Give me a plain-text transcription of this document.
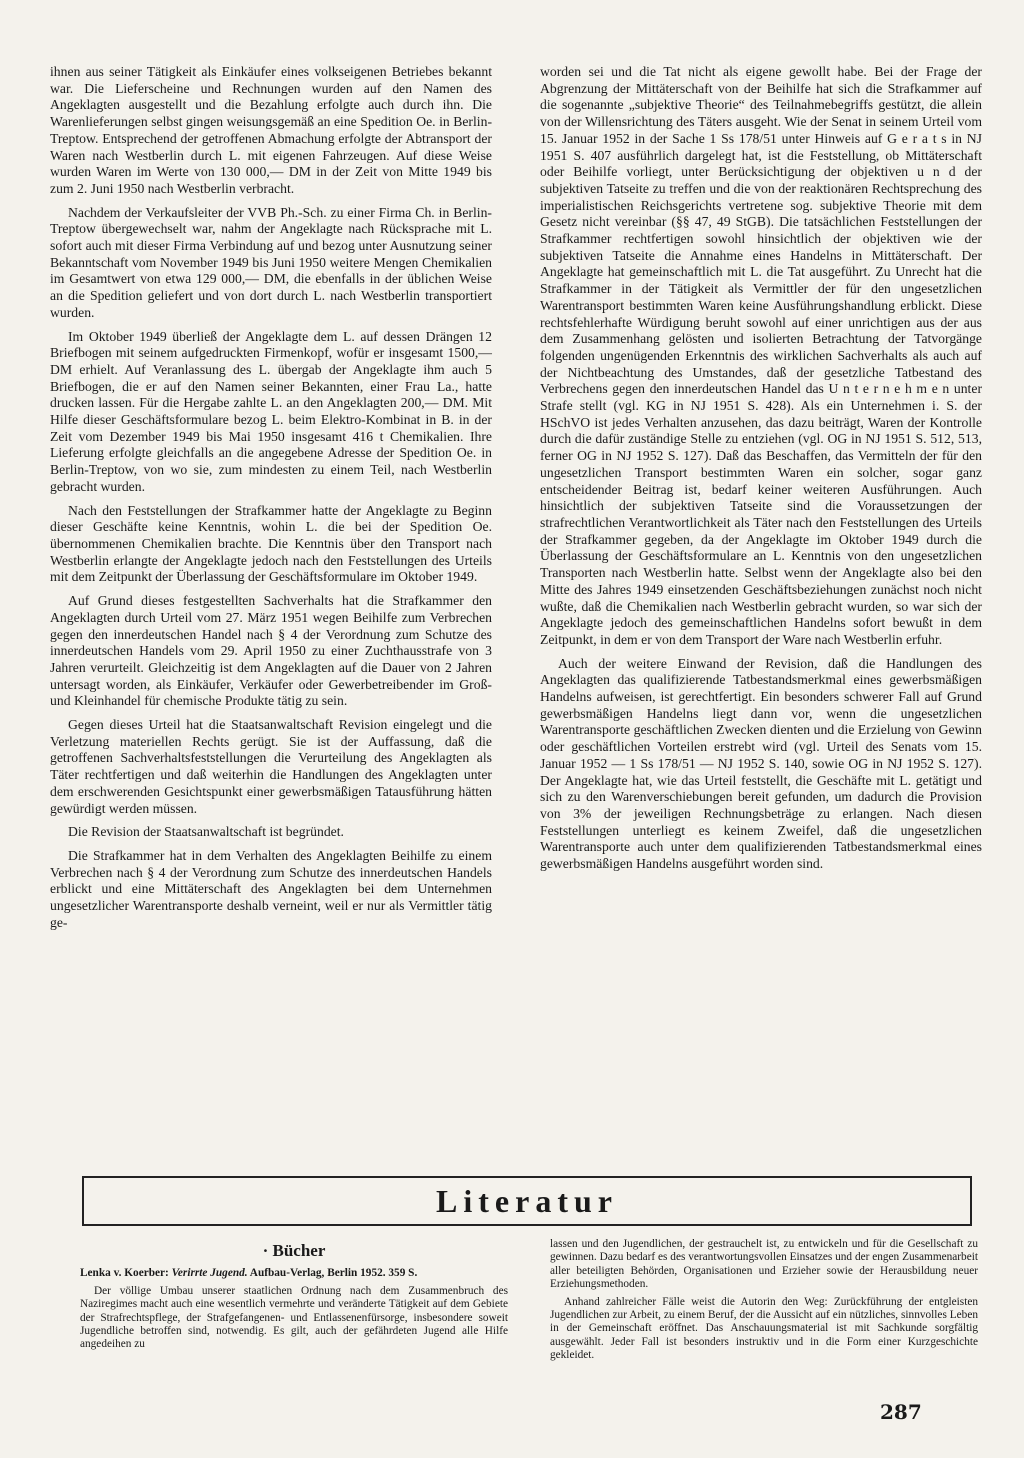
ihnen aus seiner Tätigkeit als Einkäufer eines volkseigenen Betriebes bekannt war. Die Lieferscheine und Rechnungen wurden auf den Namen des Angeklagten ausgestellt und die Bezahlung erfolgte auch durch ihn. Die Warenlieferungen selbst gingen weisungsgemäß an eine Spedition Oe. in Berlin-Treptow. Entsprechend der getroffenen Abmachung erfolgte der Abtransport der Waren nach Westberlin durch L. mit eigenen Fahrzeugen. Auf diese Weise wurden Waren im Werte von 130 000,— DM in der Zeit von Mitte 1949 bis zum 2. Juni 1950 nach Westberlin verbracht.

Nachdem der Verkaufsleiter der VVB Ph.-Sch. zu einer Firma Ch. in Berlin-Treptow übergewechselt war, nahm der Angeklagte nach Rücksprache mit L. sofort auch mit dieser Firma Verbindung auf und bezog unter Ausnutzung seiner Bekanntschaft vom November 1949 bis Juni 1950 weitere Mengen Chemikalien im Gesamtwert von etwa 129 000,— DM, die ebenfalls in der üblichen Weise an die Spedition geliefert und von dort durch L. nach Westberlin transportiert wurden.

Im Oktober 1949 überließ der Angeklagte dem L. auf dessen Drängen 12 Briefbogen mit seinem aufgedruckten Firmenkopf, wofür er insgesamt 1500,— DM erhielt. Auf Veranlassung des L. übergab der Angeklagte ihm auch 5 Briefbogen, die er auf den Namen seiner Bekannten, einer Frau La., hatte drucken lassen. Für die Hergabe zahlte L. an den Angeklagten 200,— DM. Mit Hilfe dieser Geschäftsformulare bezog L. beim Elektro-Kombinat in B. in der Zeit vom Dezember 1949 bis Mai 1950 insgesamt 416 t Chemikalien. Ihre Lieferung erfolgte gleichfalls an die angegebene Adresse der Spedition Oe. in Berlin-Treptow, von wo sie, zum mindesten zu einem Teil, nach Westberlin gebracht wurden.

Nach den Feststellungen der Strafkammer hatte der Angeklagte zu Beginn dieser Geschäfte keine Kenntnis, wohin L. die bei der Spedition Oe. übernommenen Chemikalien brachte. Die Kenntnis über den Transport nach Westberlin erlangte der Angeklagte jedoch nach den Feststellungen des Urteils mit dem Zeitpunkt der Überlassung der Geschäftsformulare im Oktober 1949.

Auf Grund dieses festgestellten Sachverhalts hat die Strafkammer den Angeklagten durch Urteil vom 27. März 1951 wegen Beihilfe zum Verbrechen gegen den innerdeutschen Handel nach § 4 der Verordnung zum Schutze des innerdeutschen Handels vom 29. April 1950 zu einer Zuchthausstrafe von 3 Jahren verurteilt. Gleichzeitig ist dem Angeklagten auf die Dauer von 2 Jahren untersagt worden, als Einkäufer, Verkäufer oder Gewerbetreibender im Groß- und Kleinhandel für chemische Produkte tätig zu sein.

Gegen dieses Urteil hat die Staatsanwaltschaft Revision eingelegt und die Verletzung materiellen Rechts gerügt. Sie ist der Auffassung, daß die getroffenen Sachverhaltsfeststellungen die Verurteilung des Angeklagten als Täter rechtfertigen und daß weiterhin die Handlungen des Angeklagten unter dem erschwerenden Gesichtspunkt einer gewerbsmäßigen Tatausführung hätten gewürdigt werden müssen.

Die Revision der Staatsanwaltschaft ist begründet.

Die Strafkammer hat in dem Verhalten des Angeklagten Beihilfe zu einem Verbrechen nach § 4 der Verordnung zum Schutze des innerdeutschen Handels erblickt und eine Mittäterschaft des Angeklagten bei dem Unternehmen ungesetzlicher Warentransporte deshalb verneint, weil er nur als Vermittler tätig ge-

worden sei und die Tat nicht als eigene gewollt habe. Bei der Frage der Abgrenzung der Mittäterschaft von der Beihilfe hat sich die Strafkammer auf die sogenannte „subjektive Theorie“ des Teilnahmebegriffs gestützt, die allein von der Willensrichtung des Täters ausgeht. Wie der Senat in seinem Urteil vom 15. Januar 1952 in der Sache 1 Ss 178/51 unter Hinweis auf G e r a t s in NJ 1951 S. 407 ausführlich dargelegt hat, ist die Feststellung, ob Mittäterschaft oder Beihilfe vorliegt, unter Berücksichtigung der objektiven u n d der subjektiven Tatseite zu treffen und die von der reaktionären Rechtsprechung des imperialistischen Reichsgerichts vertretene sog. subjektive Theorie mit dem Gesetz nicht vereinbar (§§ 47, 49 StGB). Die tatsächlichen Feststellungen der Strafkammer rechtfertigen sowohl hinsichtlich der objektiven wie der subjektiven Tatseite die Annahme eines Handelns in Mittäterschaft. Der Angeklagte hat gemeinschaftlich mit L. die Tat ausgeführt. Zu Unrecht hat die Strafkammer in der Tätigkeit als Vermittler der für den ungesetzlichen Warentransport bestimmten Waren keine Ausführungshandlung erblickt. Diese rechtsfehlerhafte Würdigung beruht sowohl auf einer unrichtigen aus der aus dem Zusammenhang gelösten und isolierten Betrachtung der Tatvorgänge folgenden ungenügenden Erkenntnis des wirklichen Sachverhalts als auch auf der Nichtbeachtung des Umstandes, daß der gesetzliche Tatbestand des Verbrechens gegen den innerdeutschen Handel das U n t e r n e h m e n unter Strafe stellt (vgl. KG in NJ 1951 S. 428). Als ein Unternehmen i. S. der HSchVO ist jedes Verhalten anzusehen, das dazu beiträgt, Waren der Kontrolle durch die dafür zuständige Stelle zu entziehen (vgl. OG in NJ 1951 S. 512, 513, ferner OG in NJ 1952 S. 127). Daß das Beschaffen, das Vermitteln der für den ungesetzlichen Transport bestimmten Waren ein solcher, sogar ganz entscheidender Beitrag ist, bedarf keiner weiteren Ausführungen. Auch hinsichtlich der subjektiven Tatseite sind die Voraussetzungen der strafrechtlichen Verantwortlichkeit als Täter nach den Feststellungen des Urteils der Strafkammer gegeben, da der Angeklagte im Oktober 1949 durch die Überlassung der Geschäftsformulare an L. Kenntnis von den ungesetzlichen Transporten nach Westberlin hatte. Selbst wenn der Angeklagte also bei den Mitte des Jahres 1949 einsetzenden Geschäftsbeziehungen zunächst noch nicht wußte, daß die Chemikalien nach Westberlin gebracht wurden, so war sich der Angeklagte jedoch des gemeinschaftlichen Handelns sofort bewußt in dem Zeitpunkt, in dem er von dem Transport der Ware nach Westberlin erfuhr.

Auch der weitere Einwand der Revision, daß die Handlungen des Angeklagten das qualifizierende Tatbestandsmerkmal eines gewerbsmäßigen Handelns aufweisen, ist gerechtfertigt. Ein besonders schwerer Fall auf Grund gewerbsmäßigen Handelns liegt dann vor, wenn die ungesetzlichen Warentransporte geschäftlichen Zwecken dienten und die Erzielung von Gewinn oder geschäftlichen Vorteilen erstrebt wird (vgl. Urteil des Senats vom 15. Januar 1952 — 1 Ss 178/51 — NJ 1952 S. 140, sowie OG in NJ 1952 S. 127). Der Angeklagte hat, wie das Urteil feststellt, die Geschäfte mit L. getätigt und sich zu den Warenverschiebungen bereit gefunden, um dadurch die Provision von 3% der jeweiligen Rechnungsbeträge zu erlangen. Nach diesen Feststellungen unterliegt es keinem Zweifel, daß die ungesetzlichen Warentransporte auch unter dem qualifizierenden Tatbestandsmerkmal eines gewerbsmäßigen Handelns ausgeführt worden sind.

Literatur
· Bücher
Lenka v. Koerber: Verirrte Jugend. Aufbau-Verlag, Berlin 1952. 359 S.

Der völlige Umbau unserer staatlichen Ordnung nach dem Zusammenbruch des Naziregimes macht auch eine wesentlich vermehrte und veränderte Tätigkeit auf dem Gebiete der Strafrechtspflege, der Strafgefangenen- und Entlassenenfürsorge, insbesondere soweit Jugendliche betroffen sind, notwendig. Es gilt, auch der gefährdeten Jugend alle Hilfe angedeihen zu

lassen und den Jugendlichen, der gestrauchelt ist, zu entwickeln und für die Gesellschaft zu gewinnen. Dazu bedarf es des verantwortungsvollen Einsatzes und der engen Zusammenarbeit aller beteiligten Behörden, Organisationen und Erzieher sowie der Herausbildung neuer Erziehungsmethoden.

Anhand zahlreicher Fälle weist die Autorin den Weg: Zurückführung der entgleisten Jugendlichen zur Arbeit, zu einem Beruf, der die Aussicht auf ein nützliches, sinnvolles Leben in der Gemeinschaft eröffnet. Das Anschauungsmaterial ist mit Sachkunde sorgfältig ausgewählt. Jeder Fall ist besonders instruktiv und in die Form einer Kurzgeschichte gekleidet.

287
